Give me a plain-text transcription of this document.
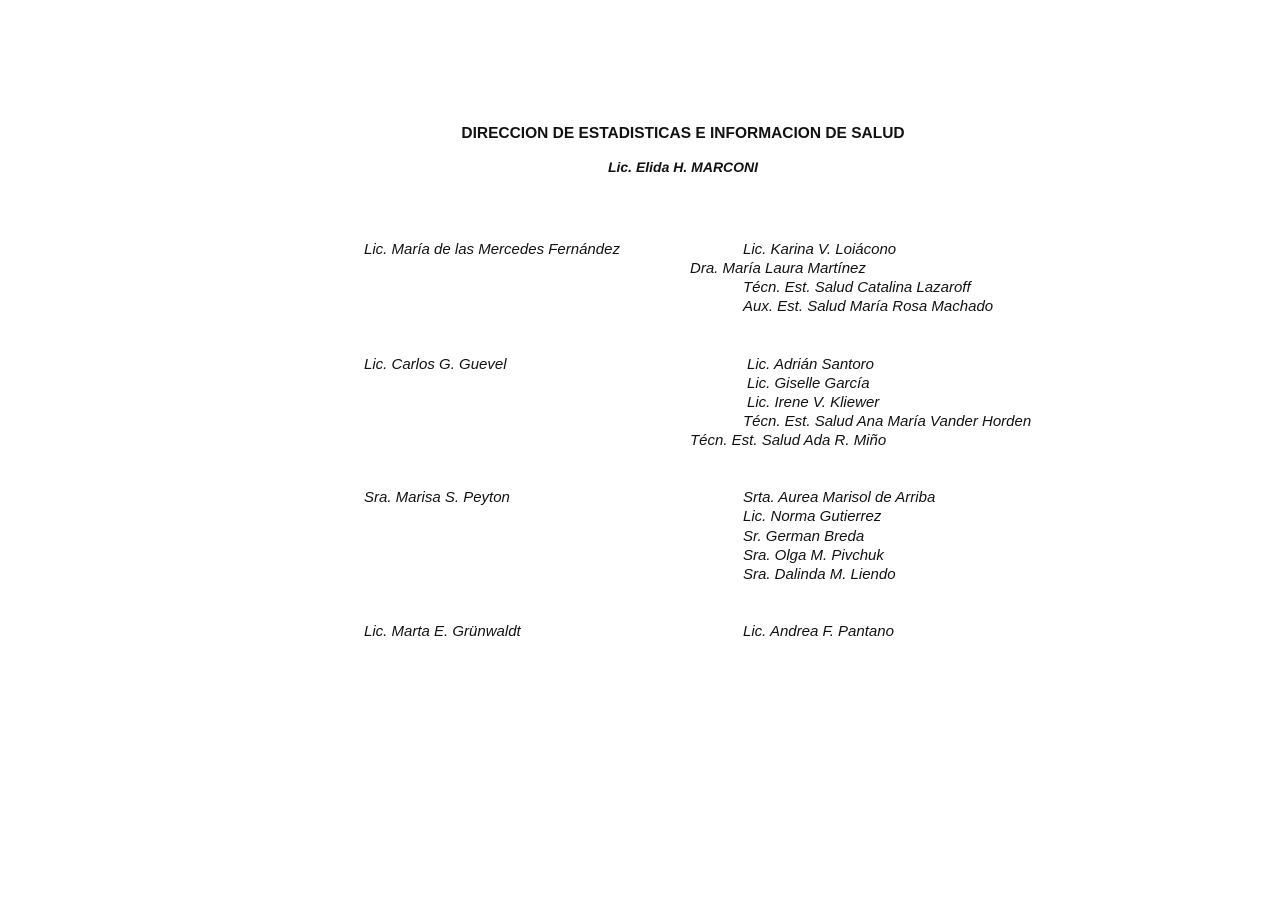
DIRECCION DE ESTADISTICAS E INFORMACION DE SALUD
Lic. Elida H. MARCONI
Lic. María de las Mercedes Fernández	Lic. Karina V. Loiácono
Dra. María Laura Martínez
Técn. Est. Salud Catalina Lazaroff
Aux. Est. Salud María Rosa Machado
Lic. Carlos G. Guevel	Lic. Adrián Santoro
Lic. Giselle García
Lic. Irene V. Kliewer
Técn. Est. Salud Ana María Vander Horden
Técn. Est. Salud Ada R. Miño
Sra. Marisa S. Peyton	Srta. Aurea Marisol de Arriba
Lic. Norma Gutierrez
Sr. German Breda
Sra. Olga M. Pivchuk
Sra. Dalinda M. Liendo
Lic. Marta E. Grünwaldt	Lic. Andrea F. Pantano
